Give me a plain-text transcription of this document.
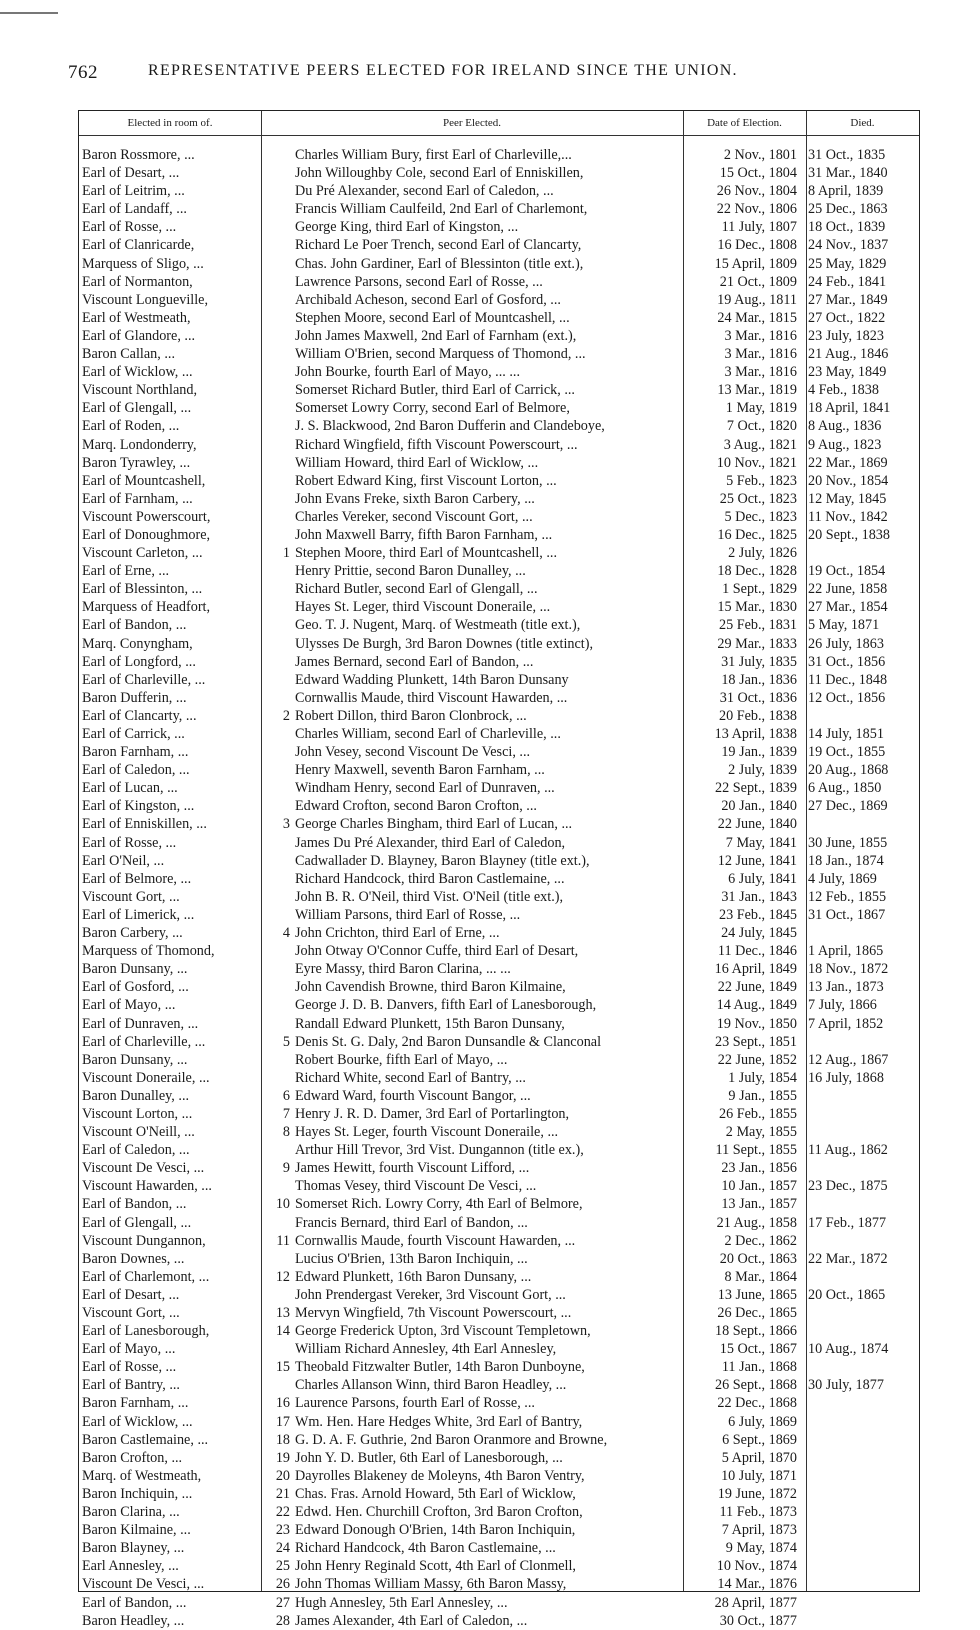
762	REPRESENTATIVE PEERS ELECTED FOR IRELAND SINCE THE UNION.
Elected in room of.	Peer Elected.	Date of Election.	Died.
Baron Rossmore, ...	Charles William Bury, first Earl of Charleville,...	2 Nov., 1801 31 Oct., 1835
Earl of Desart, ...	John Willoughby Cole, second Earl of Enniskillen,	15 Oct., 1804 31 Mar., 1840
Earl of Leitrim, ...	Du Pré Alexander, second Earl of Caledon, ...	26 Nov., 1804 8 April, 1839
Earl of Landaff, ...	Francis William Caulfeild, 2nd Earl of Charlemont,	22 Nov., 1806 25 Dec., 1863
Earl of Rosse, ...	George King, third Earl of Kingston, ...	11 July, 1807 18 Oct., 1839
Earl of Clanricarde,	Richard Le Poer Trench, second Earl of Clancarty,	16 Dec., 1808 24 Nov., 1837
Marquess of Sligo, ...	Chas. John Gardiner, Earl of Blessinton (title ext.),	15 April, 1809 25 May, 1829
Earl of Normanton,	Lawrence Parsons, second Earl of Rosse, ...	21 Oct., 1809 24 Feb., 1841
Viscount Longueville,	Archibald Acheson, second Earl of Gosford, ...	19 Aug., 1811 27 Mar., 1849
Earl of Westmeath,	Stephen Moore, second Earl of Mountcashell, ...	24 Mar., 1815 27 Oct., 1822
Earl of Glandore, ...	John James Maxwell, 2nd Earl of Farnham (ext.),	3 Mar., 1816 23 July, 1823
Baron Callan, ...	William O'Brien, second Marquess of Thomond, ...	3 Mar., 1816 21 Aug., 1846
Earl of Wicklow, ...	John Bourke, fourth Earl of Mayo, ... ...	3 Mar., 1816 23 May, 1849
Viscount Northland,	Somerset Richard Butler, third Earl of Carrick, ...	13 Mar., 1819 4 Feb., 1838
Earl of Glengall, ...	Somerset Lowry Corry, second Earl of Belmore,	1 May, 1819 18 April, 1841
Earl of Roden, ...	J. S. Blackwood, 2nd Baron Dufferin and Clandeboye,	7 Oct., 1820 8 Aug., 1836
Marq. Londonderry,	Richard Wingfield, fifth Viscount Powerscourt, ...	3 Aug., 1821 9 Aug., 1823
Baron Tyrawley, ...	William Howard, third Earl of Wicklow, ...	10 Nov., 1821 22 Mar., 1869
Earl of Mountcashell,	Robert Edward King, first Viscount Lorton, ...	5 Feb., 1823 20 Nov., 1854
Earl of Farnham, ...	John Evans Freke, sixth Baron Carbery, ...	25 Oct., 1823 12 May, 1845
Viscount Powerscourt,	Charles Vereker, second Viscount Gort, ...	5 Dec., 1823 11 Nov., 1842
Earl of Donoughmore,	John Maxwell Barry, fifth Baron Farnham, ...	16 Dec., 1825 20 Sept., 1838
Viscount Carleton, ...	1 Stephen Moore, third Earl of Mountcashell, ...	2 July, 1826
Earl of Erne, ...	Henry Prittie, second Baron Dunalley, ...	18 Dec., 1828 19 Oct., 1854
Earl of Blessinton, ...	Richard Butler, second Earl of Glengall, ...	1 Sept., 1829 22 June, 1858
Marquess of Headfort,	Hayes St. Leger, third Viscount Doneraile, ...	15 Mar., 1830 27 Mar., 1854
Earl of Bandon, ...	Geo. T. J. Nugent, Marq. of Westmeath (title ext.),	25 Feb., 1831 5 May, 1871
Marq. Conyngham,	Ulysses De Burgh, 3rd Baron Downes (title extinct),	29 Mar., 1833 26 July, 1863
Earl of Longford, ...	James Bernard, second Earl of Bandon, ...	31 July, 1835 31 Oct., 1856
Earl of Charleville, ...	Edward Wadding Plunkett, 14th Baron Dunsany	18 Jan., 1836 11 Dec., 1848
Baron Dufferin, ...	Cornwallis Maude, third Viscount Hawarden, ...	31 Oct., 1836 12 Oct., 1856
Earl of Clancarty, ...	2 Robert Dillon, third Baron Clonbrock, ...	20 Feb., 1838
Earl of Carrick, ...	Charles William, second Earl of Charleville, ...	13 April, 1838 14 July, 1851
Baron Farnham, ...	John Vesey, second Viscount De Vesci, ...	19 Jan., 1839 19 Oct., 1855
Earl of Caledon, ...	Henry Maxwell, seventh Baron Farnham, ...	2 July, 1839 20 Aug., 1868
Earl of Lucan, ...	Windham Henry, second Earl of Dunraven, ...	22 Sept., 1839 6 Aug., 1850
Earl of Kingston, ...	Edward Crofton, second Baron Crofton, ...	20 Jan., 1840 27 Dec., 1869
Earl of Enniskillen, ...	3 George Charles Bingham, third Earl of Lucan, ...	22 June, 1840
Earl of Rosse, ...	James Du Pré Alexander, third Earl of Caledon,	7 May, 1841 30 June, 1855
Earl O'Neil, ...	Cadwallader D. Blayney, Baron Blayney (title ext.),	12 June, 1841 18 Jan., 1874
Earl of Belmore, ...	Richard Handcock, third Baron Castlemaine, ...	6 July, 1841 4 July, 1869
Viscount Gort, ...	John B. R. O'Neil, third Vist. O'Neil (title ext.),	31 Jan., 1843 12 Feb., 1855
Earl of Limerick, ...	William Parsons, third Earl of Rosse, ...	23 Feb., 1845 31 Oct., 1867
Baron Carbery, ...	4 John Crichton, third Earl of Erne, ...	24 July, 1845
Marquess of Thomond,	John Otway O'Connor Cuffe, third Earl of Desart,	11 Dec., 1846 1 April, 1865
Baron Dunsany, ...	Eyre Massy, third Baron Clarina, ... ...	16 April, 1849 18 Nov., 1872
Earl of Gosford, ...	John Cavendish Browne, third Baron Kilmaine,	22 June, 1849 13 Jan., 1873
Earl of Mayo, ...	George J. D. B. Danvers, fifth Earl of Lanesborough,	14 Aug., 1849 7 July, 1866
Earl of Dunraven, ...	Randall Edward Plunkett, 15th Baron Dunsany,	19 Nov., 1850 7 April, 1852
Earl of Charleville, ...	5 Denis St. G. Daly, 2nd Baron Dunsandle & Clanconal	23 Sept., 1851
Baron Dunsany, ...	Robert Bourke, fifth Earl of Mayo, ...	22 June, 1852 12 Aug., 1867
Viscount Doneraile, ...	Richard White, second Earl of Bantry, ...	1 July, 1854 16 July, 1868
Baron Dunalley, ...	6 Edward Ward, fourth Viscount Bangor, ...	9 Jan., 1855
Viscount Lorton, ...	7 Henry J. R. D. Damer, 3rd Earl of Portarlington,	26 Feb., 1855
Viscount O'Neill, ...	8 Hayes St. Leger, fourth Viscount Doneraile, ...	2 May, 1855
Earl of Caledon, ...	Arthur Hill Trevor, 3rd Vist. Dungannon (title ex.),	11 Sept., 1855 11 Aug., 1862
Viscount De Vesci, ...	9 James Hewitt, fourth Viscount Lifford, ...	23 Jan., 1856
Viscount Hawarden, ...	Thomas Vesey, third Viscount De Vesci, ...	10 Jan., 1857 23 Dec., 1875
Earl of Bandon, ...	10 Somerset Rich. Lowry Corry, 4th Earl of Belmore,	13 Jan., 1857
Earl of Glengall, ...	Francis Bernard, third Earl of Bandon, ...	21 Aug., 1858 17 Feb., 1877
Viscount Dungannon,	11 Cornwallis Maude, fourth Viscount Hawarden, ...	2 Dec., 1862
Baron Downes, ...	Lucius O'Brien, 13th Baron Inchiquin, ...	20 Oct., 1863 22 Mar., 1872
Earl of Charlemont, ...	12 Edward Plunkett, 16th Baron Dunsany, ...	8 Mar., 1864
Earl of Desart, ...	John Prendergast Vereker, 3rd Viscount Gort, ...	13 June, 1865 20 Oct., 1865
Viscount Gort, ...	13 Mervyn Wingfield, 7th Viscount Powerscourt, ...	26 Dec., 1865
Earl of Lanesborough,	14 George Frederick Upton, 3rd Viscount Templetown,	18 Sept., 1866
Earl of Mayo, ...	William Richard Annesley, 4th Earl Annesley,	15 Oct., 1867 10 Aug., 1874
Earl of Rosse, ...	15 Theobald Fitzwalter Butler, 14th Baron Dunboyne,	11 Jan., 1868
Earl of Bantry, ...	Charles Allanson Winn, third Baron Headley, ...	26 Sept., 1868 30 July, 1877
Baron Farnham, ...	16 Laurence Parsons, fourth Earl of Rosse, ...	22 Dec., 1868
Earl of Wicklow, ...	17 Wm. Hen. Hare Hedges White, 3rd Earl of Bantry,	6 July, 1869
Baron Castlemaine, ...	18 G. D. A. F. Guthrie, 2nd Baron Oranmore and Browne,	6 Sept., 1869
Baron Crofton, ...	19 John Y. D. Butler, 6th Earl of Lanesborough, ...	5 April, 1870
Marq. of Westmeath,	20 Dayrolles Blakeney de Moleyns, 4th Baron Ventry,	10 July, 1871
Baron Inchiquin, ...	21 Chas. Fras. Arnold Howard, 5th Earl of Wicklow,	19 June, 1872
Baron Clarina, ...	22 Edwd. Hen. Churchill Crofton, 3rd Baron Crofton,	11 Feb., 1873
Baron Kilmaine, ...	23 Edward Donough O'Brien, 14th Baron Inchiquin,	7 April, 1873
Baron Blayney, ...	24 Richard Handcock, 4th Baron Castlemaine, ...	9 May, 1874
Earl Annesley, ...	25 John Henry Reginald Scott, 4th Earl of Clonmell,	10 Nov., 1874
Viscount De Vesci, ...	26 John Thomas William Massy, 6th Baron Massy,	14 Mar., 1876
Earl of Bandon, ...	27 Hugh Annesley, 5th Earl Annesley, ...	28 April, 1877
Baron Headley, ...	28 James Alexander, 4th Earl of Caledon, ...	30 Oct., 1877
